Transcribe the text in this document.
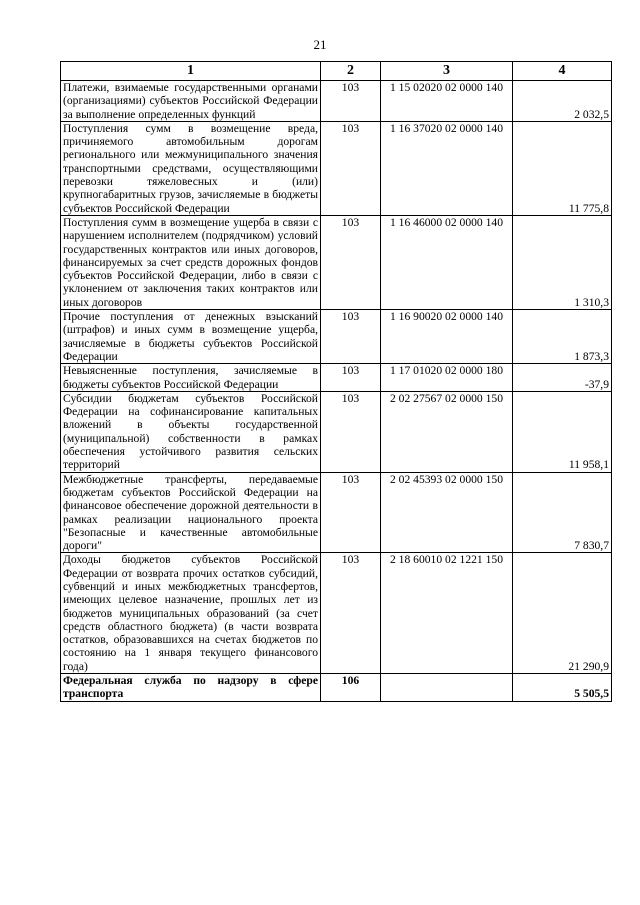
21
1	2	3	4
Платежи, взимаемые государственными органами (организациями) субъектов Российской Федерации за выполнение определенных функций	103	1 15 02020 02 0000 140	2 032,5
Поступления сумм в возмещение вреда, причиняемого автомобильным дорогам регионального или межмуниципального значения транспортными средствами, осуществляющими перевозки тяжеловесных и (или) крупногабаритных грузов, зачисляемые в бюджеты субъектов Российской Федерации	103	1 16 37020 02 0000 140	11 775,8
Поступления сумм в возмещение ущерба в связи с нарушением исполнителем (подрядчиком) условий государственных контрактов или иных договоров, финансируемых за счет средств дорожных фондов субъектов Российской Федерации, либо в связи с уклонением от заключения таких контрактов или иных договоров	103	1 16 46000 02 0000 140	1 310,3
Прочие поступления от денежных взысканий (штрафов) и иных сумм в возмещение ущерба, зачисляемые в бюджеты субъектов Российской Федерации	103	1 16 90020 02 0000 140	1 873,3
Невыясненные поступления, зачисляемые в бюджеты субъектов Российской Федерации	103	1 17 01020 02 0000 180	-37,9
Субсидии бюджетам субъектов Российской Федерации на софинансирование капитальных вложений в объекты государственной (муниципальной) собственности в рамках обеспечения устойчивого развития сельских территорий	103	2 02 27567 02 0000 150	11 958,1
Межбюджетные трансферты, передаваемые бюджетам субъектов Российской Федерации на финансовое обеспечение дорожной деятельности в рамках реализации национального проекта "Безопасные и качественные автомобильные дороги"	103	2 02 45393 02 0000 150	7 830,7
Доходы бюджетов субъектов Российской Федерации от возврата прочих остатков субсидий, субвенций и иных межбюджетных трансфертов, имеющих целевое назначение, прошлых лет из бюджетов муниципальных образований (за счет средств областного бюджета) (в части возврата остатков, образовавшихся на счетах бюджетов по состоянию на 1 января текущего финансового года)	103	2 18 60010 02 1221 150	21 290,9
Федеральная служба по надзору в сфере транспорта	106		5 505,5
